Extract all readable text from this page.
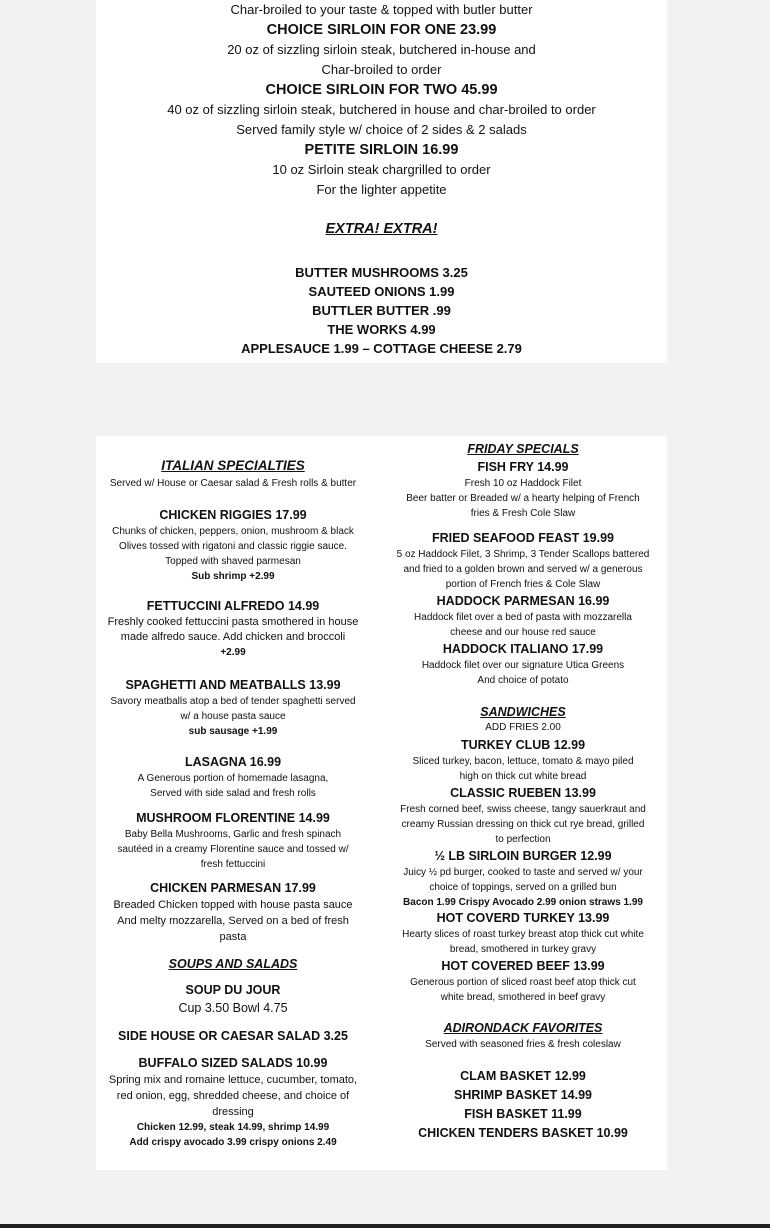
Char-broiled to your taste & topped with butler butter
CHOICE SIRLOIN FOR ONE 23.99
20 oz of sizzling sirloin steak, butchered in-house and
Char-broiled to order
CHOICE SIRLOIN FOR TWO 45.99
40 oz of sizzling sirloin steak, butchered in house and char-broiled to order
Served family style w/ choice of 2 sides & 2 salads
PETITE SIRLOIN 16.99
10 oz Sirloin steak chargrilled to order
For the lighter appetite
EXTRA! EXTRA!
BUTTER MUSHROOMS 3.25
SAUTEED ONIONS 1.99
BUTTLER BUTTER .99
THE WORKS 4.99
APPLESAUCE 1.99 – COTTAGE CHEESE 2.79
ITALIAN SPECIALTIES
Served w/ House or Caesar salad & Fresh rolls & butter
CHICKEN RIGGIES 17.99
Chunks of chicken, peppers, onion, mushroom & black
Olives tossed with rigatoni and classic riggie sauce.
Topped with shaved parmesan
Sub shrimp +2.99
FETTUCCINI ALFREDO 14.99
Freshly cooked fettuccini pasta smothered in house
made alfredo sauce. Add chicken and broccoli
+2.99
SPAGHETTI AND MEATBALLS 13.99
Savory meatballs atop a bed of tender spaghetti served
w/ a house pasta sauce
sub sausage +1.99
LASAGNA 16.99
A Generous portion of homemade lasagna,
Served with side salad and fresh rolls
MUSHROOM FLORENTINE 14.99
Baby Bella Mushrooms, Garlic and fresh spinach
sautéed in a creamy Florentine sauce and tossed w/
fresh fettuccini
CHICKEN PARMESAN 17.99
Breaded Chicken topped with house pasta sauce
And melty mozzarella, Served on a bed of fresh
pasta
SOUPS AND SALADS
SOUP DU JOUR
Cup 3.50 Bowl 4.75
SIDE HOUSE OR CAESAR SALAD 3.25
BUFFALO SIZED SALADS 10.99
Spring mix and romaine lettuce, cucumber, tomato,
red onion, egg, shredded cheese, and choice of
dressing
Chicken 12.99, steak 14.99, shrimp 14.99
Add crispy avocado 3.99 crispy onions 2.49
FRIDAY SPECIALS
FISH FRY 14.99
Fresh 10 oz Haddock Filet
Beer batter or Breaded w/ a hearty helping of French
fries & Fresh Cole Slaw
FRIED SEAFOOD FEAST 19.99
5 oz Haddock Filet, 3 Shrimp, 3 Tender Scallops battered
and fried to a golden brown and served w/ a generous
portion of French fries & Cole Slaw
HADDOCK PARMESAN 16.99
Haddock filet over a bed of pasta with mozzarella
cheese and our house red sauce
HADDOCK ITALIANO 17.99
Haddock filet over our signature Utica Greens
And choice of potato
SANDWICHES
ADD FRIES 2.00
TURKEY CLUB 12.99
Sliced turkey, bacon, lettuce, tomato & mayo piled
high on thick cut white bread
CLASSIC RUEBEN 13.99
Fresh corned beef, swiss cheese, tangy sauerkraut and
creamy Russian dressing on thick cut rye bread, grilled
to perfection
½ LB SIRLOIN BURGER 12.99
Juicy ½ pd burger, cooked to taste and served w/ your
choice of toppings, served on a grilled bun
Bacon 1.99 Crispy Avocado 2.99 onion straws 1.99
HOT COVERD TURKEY 13.99
Hearty slices of roast turkey breast atop thick cut white
bread, smothered in turkey gravy
HOT COVERED BEEF 13.99
Generous portion of sliced roast beef atop thick cut
white bread, smothered in beef gravy
ADIRONDACK FAVORITES
Served with seasoned fries & fresh coleslaw
CLAM BASKET 12.99
SHRIMP BASKET 14.99
FISH BASKET 11.99
CHICKEN TENDERS BASKET 10.99
